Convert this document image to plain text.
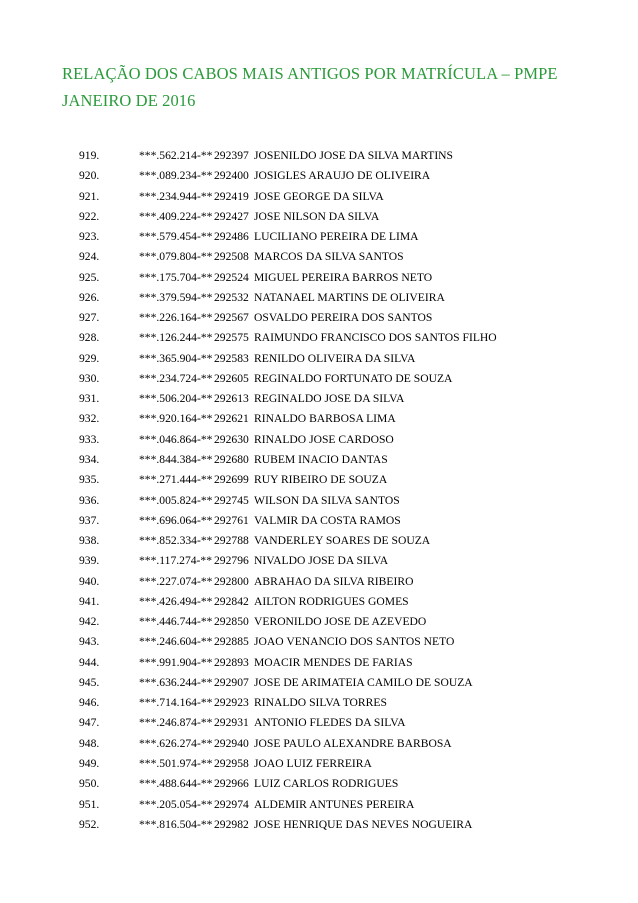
RELAÇÃO DOS CABOS MAIS ANTIGOS POR MATRÍCULA – PMPE
JANEIRO DE 2016
919.	***.562.214-** 292397 JOSENILDO JOSE DA SILVA MARTINS
920.	***.089.234-** 292400 JOSIGLES ARAUJO DE OLIVEIRA
921.	***.234.944-** 292419 JOSE GEORGE DA SILVA
922.	***.409.224-** 292427 JOSE NILSON DA SILVA
923.	***.579.454-** 292486 LUCILIANO PEREIRA DE LIMA
924.	***.079.804-** 292508 MARCOS DA SILVA SANTOS
925.	***.175.704-** 292524 MIGUEL PEREIRA BARROS NETO
926.	***.379.594-** 292532 NATANAEL MARTINS DE OLIVEIRA
927.	***.226.164-** 292567 OSVALDO PEREIRA DOS SANTOS
928.	***.126.244-** 292575 RAIMUNDO FRANCISCO DOS SANTOS FILHO
929.	***.365.904-** 292583 RENILDO OLIVEIRA DA SILVA
930.	***.234.724-** 292605 REGINALDO FORTUNATO DE SOUZA
931.	***.506.204-** 292613 REGINALDO JOSE DA SILVA
932.	***.920.164-** 292621 RINALDO BARBOSA LIMA
933.	***.046.864-** 292630 RINALDO JOSE CARDOSO
934.	***.844.384-** 292680 RUBEM INACIO DANTAS
935.	***.271.444-** 292699 RUY RIBEIRO DE SOUZA
936.	***.005.824-** 292745 WILSON DA SILVA SANTOS
937.	***.696.064-** 292761 VALMIR DA COSTA RAMOS
938.	***.852.334-** 292788 VANDERLEY SOARES DE SOUZA
939.	***.117.274-** 292796 NIVALDO JOSE DA SILVA
940.	***.227.074-** 292800 ABRAHAO DA SILVA RIBEIRO
941.	***.426.494-** 292842 AILTON RODRIGUES GOMES
942.	***.446.744-** 292850 VERONILDO JOSE DE AZEVEDO
943.	***.246.604-** 292885 JOAO VENANCIO DOS SANTOS NETO
944.	***.991.904-** 292893 MOACIR MENDES DE FARIAS
945.	***.636.244-** 292907 JOSE DE ARIMATEIA CAMILO DE SOUZA
946.	***.714.164-** 292923 RINALDO SILVA TORRES
947.	***.246.874-** 292931 ANTONIO FLEDES DA SILVA
948.	***.626.274-** 292940 JOSE PAULO ALEXANDRE BARBOSA
949.	***.501.974-** 292958 JOAO LUIZ FERREIRA
950.	***.488.644-** 292966 LUIZ CARLOS RODRIGUES
951.	***.205.054-** 292974 ALDEMIR ANTUNES PEREIRA
952.	***.816.504-** 292982 JOSE HENRIQUE DAS NEVES NOGUEIRA
